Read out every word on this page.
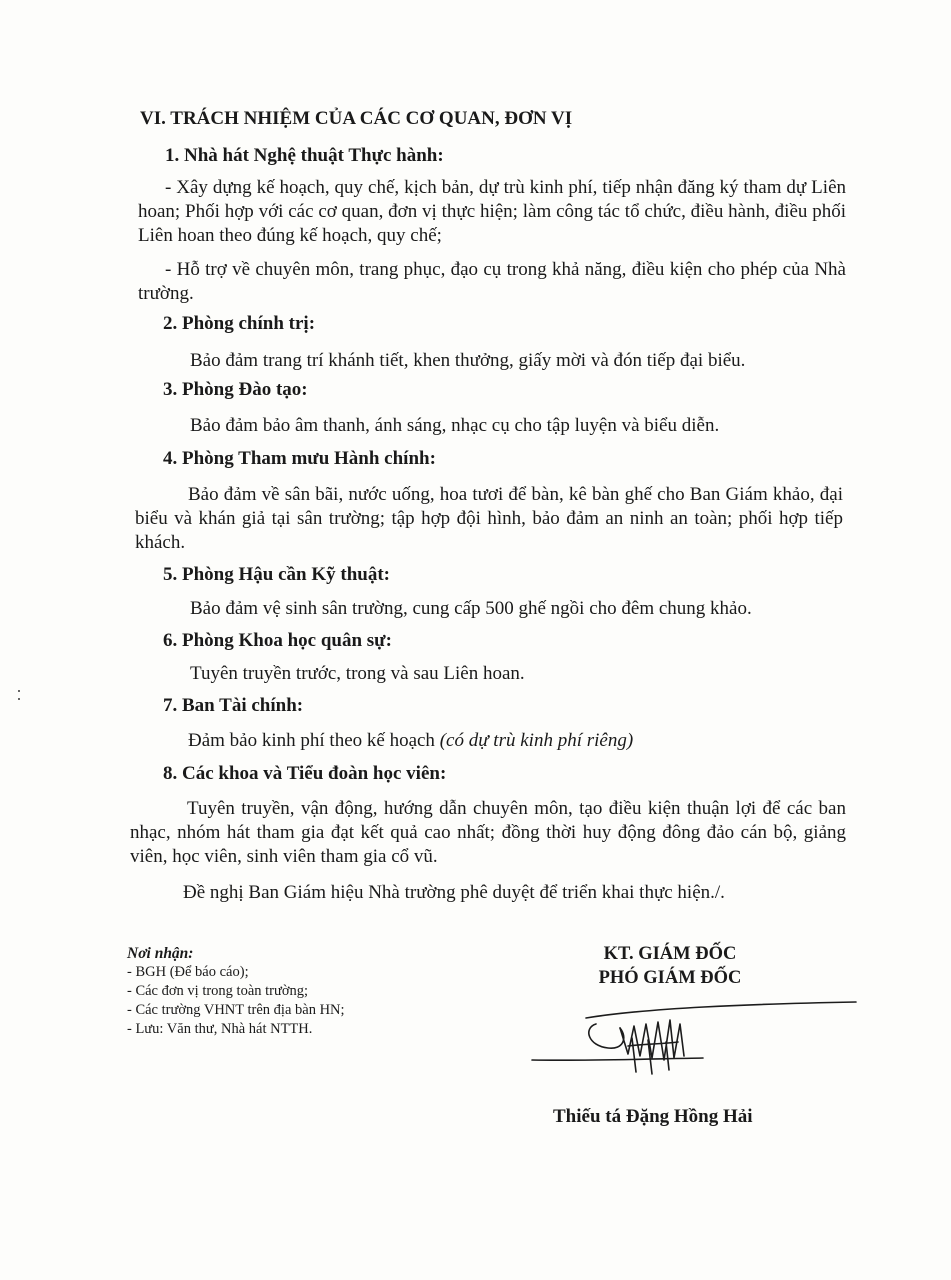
VI. TRÁCH NHIỆM CỦA CÁC CƠ QUAN, ĐƠN VỊ
1. Nhà hát Nghệ thuật Thực hành:
- Xây dựng kế hoạch, quy chế, kịch bản, dự trù kinh phí, tiếp nhận đăng ký tham dự Liên hoan; Phối hợp với các cơ quan, đơn vị thực hiện; làm công tác tổ chức, điều hành, điều phối Liên hoan theo đúng kế hoạch, quy chế;
- Hỗ trợ về chuyên môn, trang phục, đạo cụ trong khả năng, điều kiện cho phép của Nhà trường.
2. Phòng chính trị:
Bảo đảm trang trí khánh tiết, khen thưởng, giấy mời và đón tiếp đại biểu.
3. Phòng Đào tạo:
Bảo đảm bảo âm thanh, ánh sáng, nhạc cụ cho tập luyện và biểu diễn.
4. Phòng Tham mưu Hành chính:
Bảo đảm về sân bãi, nước uống, hoa tươi để bàn, kê bàn ghế cho Ban Giám khảo, đại biểu và khán giả tại sân trường; tập hợp đội hình, bảo đảm an ninh an toàn; phối hợp tiếp khách.
5. Phòng Hậu cần Kỹ thuật:
Bảo đảm vệ sinh sân trường, cung cấp 500 ghế ngồi cho đêm chung khảo.
6. Phòng Khoa học quân sự:
Tuyên truyền trước, trong và sau Liên hoan.
7. Ban Tài chính:
Đảm bảo kinh phí theo kế hoạch (có dự trù kinh phí riêng)
8. Các khoa và Tiểu đoàn học viên:
Tuyên truyền, vận động, hướng dẫn chuyên môn, tạo điều kiện thuận lợi để các ban nhạc, nhóm hát tham gia đạt kết quả cao nhất; đồng thời huy động đông đảo cán bộ, giảng viên, học viên, sinh viên tham gia cổ vũ.
Đề nghị Ban Giám hiệu Nhà trường phê duyệt để triển khai thực hiện./.
Nơi nhận:
- BGH (Để báo cáo);
- Các đơn vị trong toàn trường;
- Các trường VHNT trên địa bàn HN;
- Lưu: Văn thư, Nhà hát NTTH.
KT. GIÁM ĐỐC
PHÓ GIÁM ĐỐC
Thiếu tá Đặng Hồng Hải
